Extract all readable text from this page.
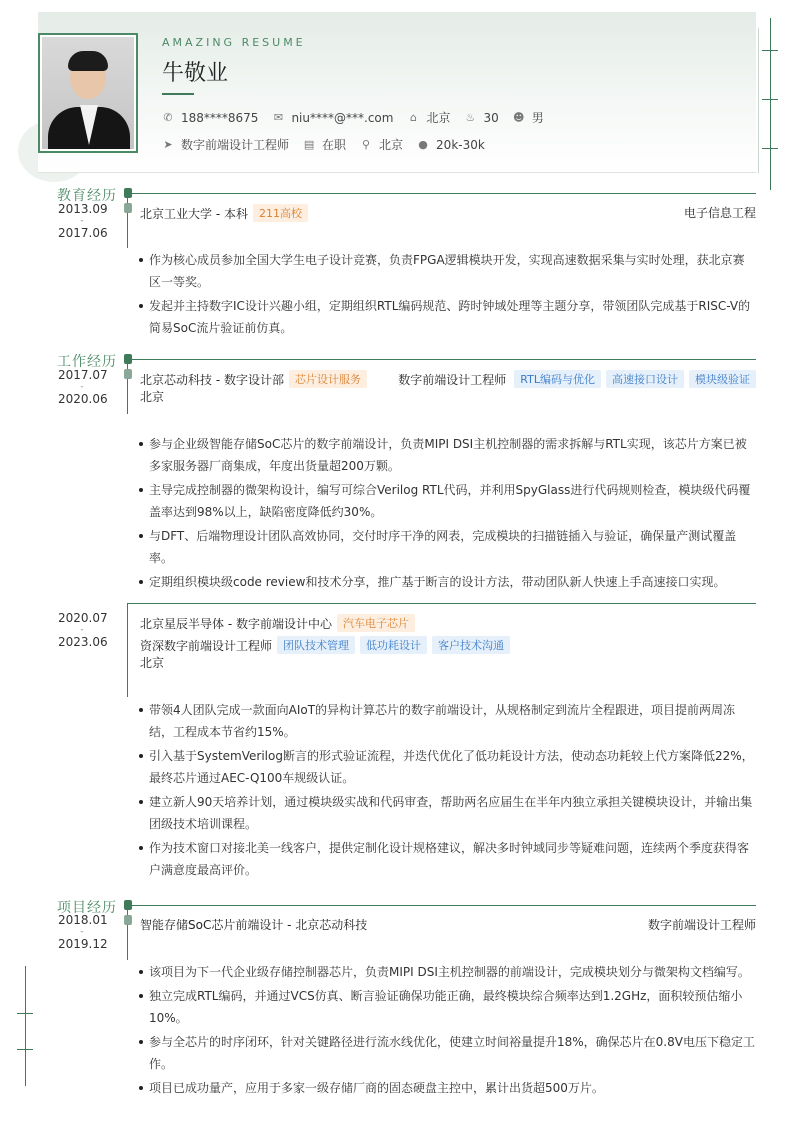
AMAZING RESUME
牛敬业
✆ 188****8675 ✉ niu****@***.com ⌂ 北京 ♨ 30 ☻ 男
➤ 数字前端设计工程师 ▤ 在职 ⚲ 北京 ● 20k-30k
教育经历
2013.09
-
2017.06
北京工业大学 - 本科	211高校	电子信息工程
作为核心成员参加全国大学生电子设计竞赛，负责FPGA逻辑模块开发，实现高速数据采集与实时处理，获北京赛区一等奖。
发起并主持数字IC设计兴趣小组，定期组织RTL编码规范、跨时钟域处理等主题分享，带领团队完成基于RISC-V的简易SoC流片验证前仿真。
工作经历
2017.07
-
2020.06
北京芯动科技 - 数字设计部	芯片设计服务	数字前端设计工程师	RTL编码与优化	高速接口设计	模块级验证
北京
参与企业级智能存储SoC芯片的数字前端设计，负责MIPI DSI主机控制器的需求拆解与RTL实现，该芯片方案已被多家服务器厂商集成，年度出货量超200万颗。
主导完成控制器的微架构设计，编写可综合Verilog RTL代码，并利用SpyGlass进行代码规则检查，模块级代码覆盖率达到98%以上，缺陷密度降低约30%。
与DFT、后端物理设计团队高效协同，交付时序干净的网表，完成模块的扫描链插入与验证，确保量产测试覆盖率。
定期组织模块级code review和技术分享，推广基于断言的设计方法，带动团队新人快速上手高速接口实现。
2020.07
-
2023.06
北京星辰半导体 - 数字前端设计中心	汽车电子芯片
资深数字前端设计工程师	团队技术管理	低功耗设计	客户技术沟通
北京
带领4人团队完成一款面向AIoT的异构计算芯片的数字前端设计，从规格制定到流片全程跟进，项目提前两周冻结，工程成本节省约15%。
引入基于SystemVerilog断言的形式验证流程，并迭代优化了低功耗设计方法，使动态功耗较上代方案降低22%，最终芯片通过AEC-Q100车规级认证。
建立新人90天培养计划，通过模块级实战和代码审查，帮助两名应届生在半年内独立承担关键模块设计，并输出集团级技术培训课程。
作为技术窗口对接北美一线客户，提供定制化设计规格建议，解决多时钟域同步等疑难问题，连续两个季度获得客户满意度最高评价。
项目经历
2018.01
-
2019.12
智能存储SoC芯片前端设计 - 北京芯动科技	数字前端设计工程师
该项目为下一代企业级存储控制器芯片，负责MIPI DSI主机控制器的前端设计，完成模块划分与微架构文档编写。
独立完成RTL编码，并通过VCS仿真、断言验证确保功能正确，最终模块综合频率达到1.2GHz，面积较预估缩小10%。
参与全芯片的时序闭环，针对关键路径进行流水线优化，使建立时间裕量提升18%，确保芯片在0.8V电压下稳定工作。
项目已成功量产，应用于多家一级存储厂商的固态硬盘主控中，累计出货超500万片。
